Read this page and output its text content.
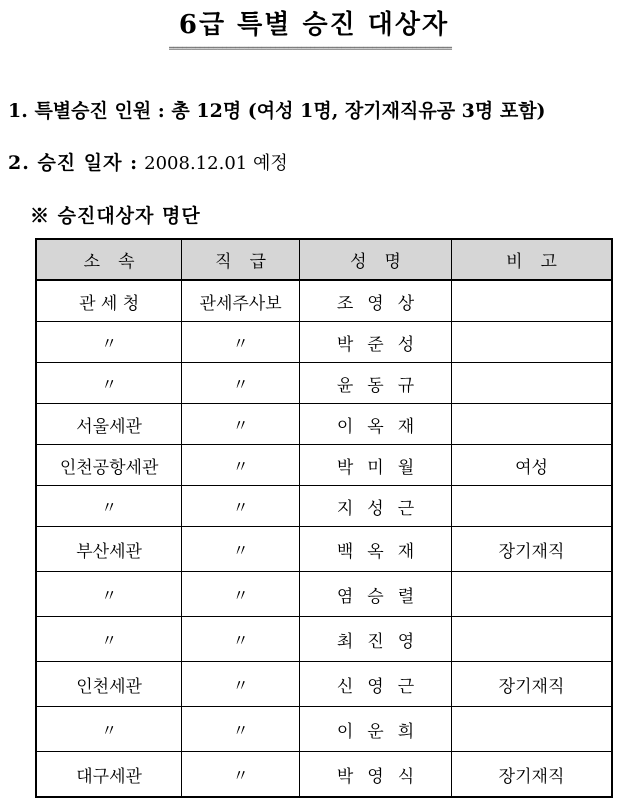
6급 특별 승진 대상자
================================================================
1. 특별승진 인원 : 총 12명 (여성 1명, 장기재직유공 3명 포함)
2. 승진 일자 : 2008.12.01 예정
※ 승진대상자 명단
소속	직급	성명	비고
관 세 청	관세주사보	조영상	
〃	〃	박준성	
〃	〃	윤동규	
서울세관	〃	이옥재	
인천공항세관	〃	박미월	여성
〃	〃	지성근	
부산세관	〃	백옥재	장기재직
〃	〃	염승렬	
〃	〃	최진영	
인천세관	〃	신영근	장기재직
〃	〃	이운희	
대구세관	〃	박영식	장기재직
